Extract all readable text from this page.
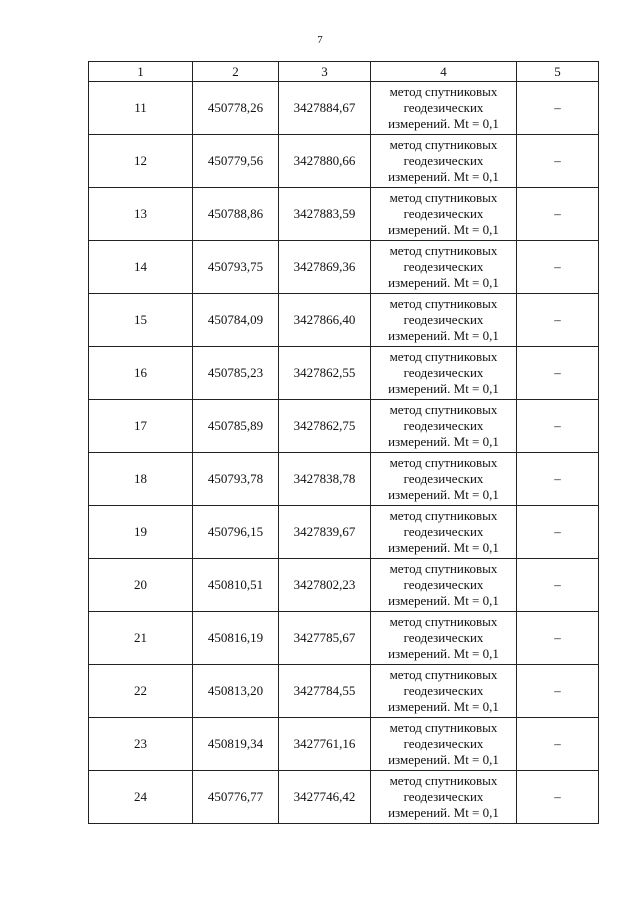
7
1	2	3	4	5
11	450778,26	3427884,67	метод спутниковых
геодезических
измерений. Mt = 0,1	–
12	450779,56	3427880,66	метод спутниковых
геодезических
измерений. Mt = 0,1	–
13	450788,86	3427883,59	метод спутниковых
геодезических
измерений. Mt = 0,1	–
14	450793,75	3427869,36	метод спутниковых
геодезических
измерений. Mt = 0,1	–
15	450784,09	3427866,40	метод спутниковых
геодезических
измерений. Mt = 0,1	–
16	450785,23	3427862,55	метод спутниковых
геодезических
измерений. Mt = 0,1	–
17	450785,89	3427862,75	метод спутниковых
геодезических
измерений. Mt = 0,1	–
18	450793,78	3427838,78	метод спутниковых
геодезических
измерений. Mt = 0,1	–
19	450796,15	3427839,67	метод спутниковых
геодезических
измерений. Mt = 0,1	–
20	450810,51	3427802,23	метод спутниковых
геодезических
измерений. Mt = 0,1	–
21	450816,19	3427785,67	метод спутниковых
геодезических
измерений. Mt = 0,1	–
22	450813,20	3427784,55	метод спутниковых
геодезических
измерений. Mt = 0,1	–
23	450819,34	3427761,16	метод спутниковых
геодезических
измерений. Mt = 0,1	–
24	450776,77	3427746,42	метод спутниковых
геодезических
измерений. Mt = 0,1	–
